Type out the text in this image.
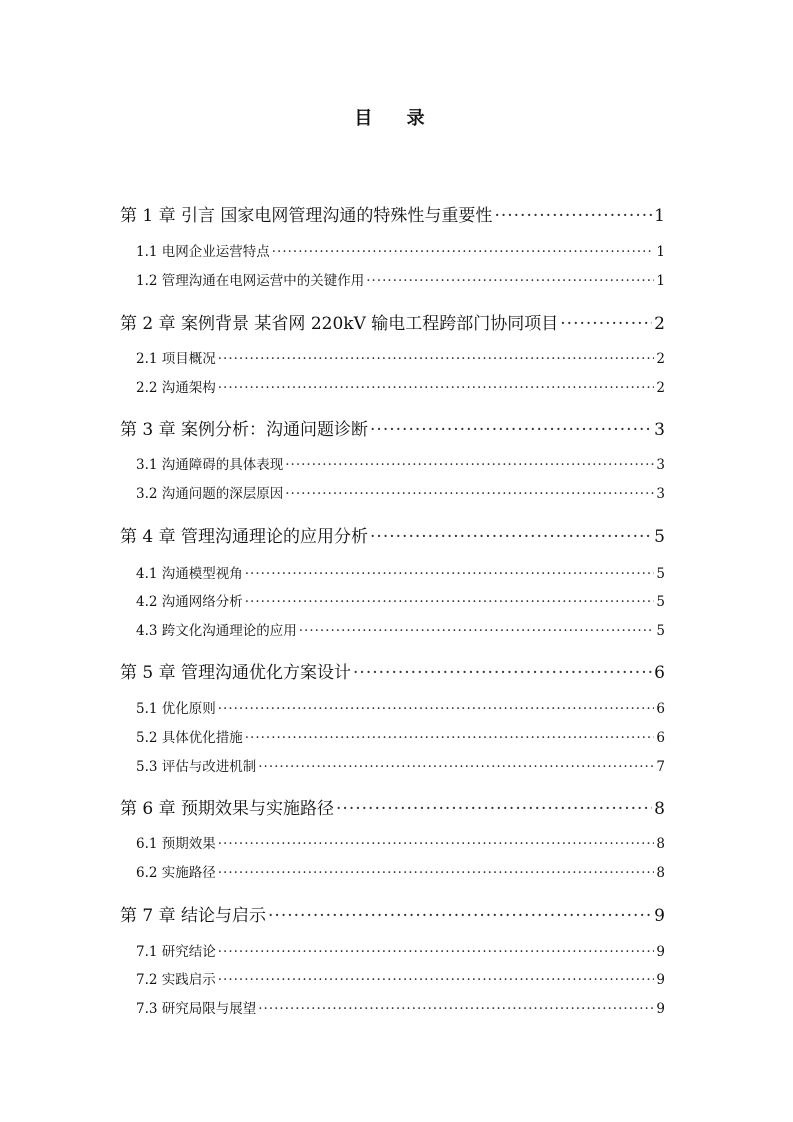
目 录
第 1 章 引言 国家电网管理沟通的特殊性与重要性 ·····	1
1.1 电网企业运营特点 ·····	1
1.2 管理沟通在电网运营中的关键作用 ·····	1
第 2 章 案例背景 某省网 220kV 输电工程跨部门协同项目 ·····	2
2.1 项目概况 ·····	2
2.2 沟通架构 ·····	2
第 3 章 案例分析：沟通问题诊断 ·····	3
3.1 沟通障碍的具体表现 ·····	3
3.2 沟通问题的深层原因 ·····	3
第 4 章 管理沟通理论的应用分析 ·····	5
4.1 沟通模型视角 ·····	5
4.2 沟通网络分析 ·····	5
4.3 跨文化沟通理论的应用 ·····	5
第 5 章 管理沟通优化方案设计 ·····	6
5.1 优化原则 ·····	6
5.2 具体优化措施 ·····	6
5.3 评估与改进机制 ·····	7
第 6 章 预期效果与实施路径 ·····	8
6.1 预期效果 ·····	8
6.2 实施路径 ·····	8
第 7 章 结论与启示 ·····	9
7.1 研究结论 ·····	9
7.2 实践启示 ·····	9
7.3 研究局限与展望 ·····	9
